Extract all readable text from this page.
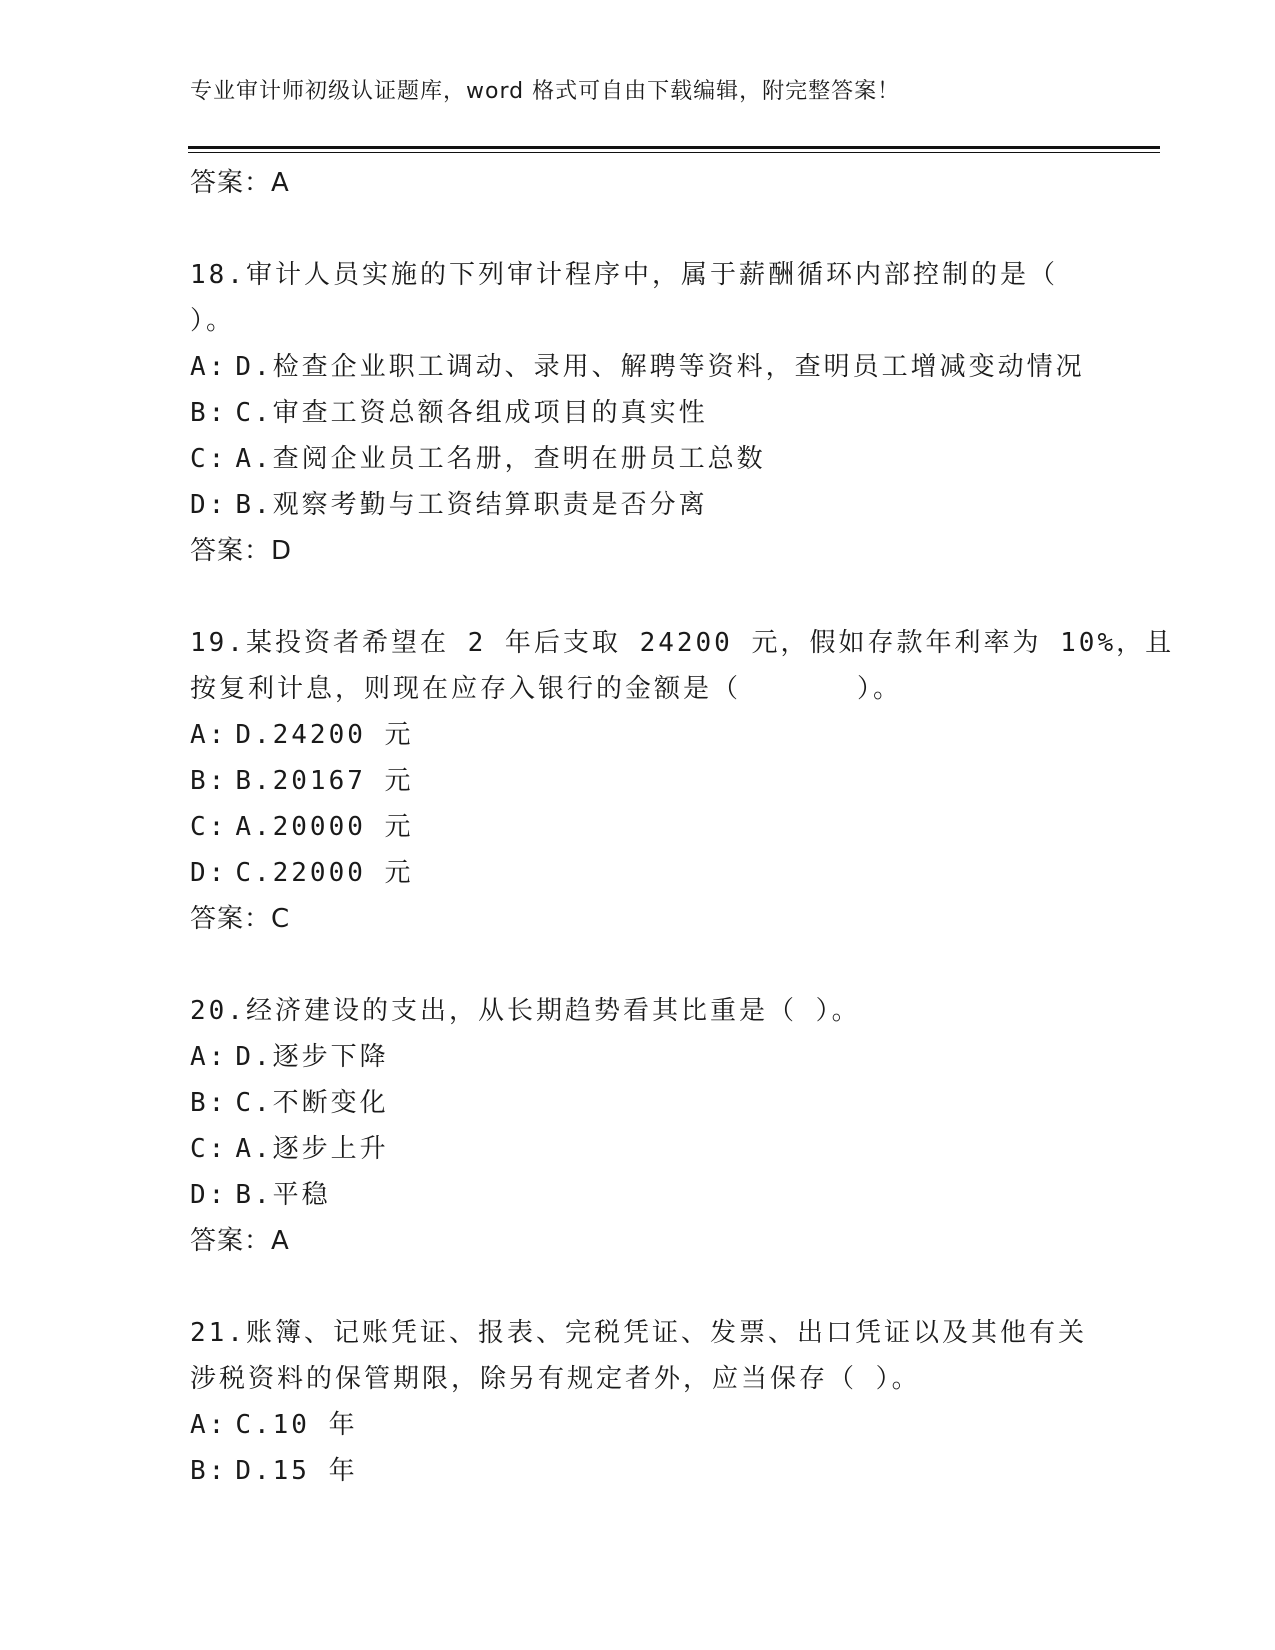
专业审计师初级认证题库，word 格式可自由下载编辑，附完整答案！
答案：A
18.审计人员实施的下列审计程序中，属于薪酬循环内部控制的是（
）。
A: D.检查企业职工调动、录用、解聘等资料，查明员工增减变动情况
B: C.审查工资总额各组成项目的真实性
C: A.查阅企业员工名册，查明在册员工总数
D: B.观察考勤与工资结算职责是否分离
答案：D
19.某投资者希望在 2 年后支取 24200 元，假如存款年利率为 10%，且
按复利计息，则现在应存入银行的金额是（　　　　）。
A: D.24200 元
B: B.20167 元
C: A.20000 元
D: C.22000 元
答案：C
20.经济建设的支出，从长期趋势看其比重是（ ）。
A: D.逐步下降
B: C.不断变化
C: A.逐步上升
D: B.平稳
答案：A
21.账簿、记账凭证、报表、完税凭证、发票、出口凭证以及其他有关
涉税资料的保管期限，除另有规定者外，应当保存（ ）。
A: C.10 年
B: D.15 年
